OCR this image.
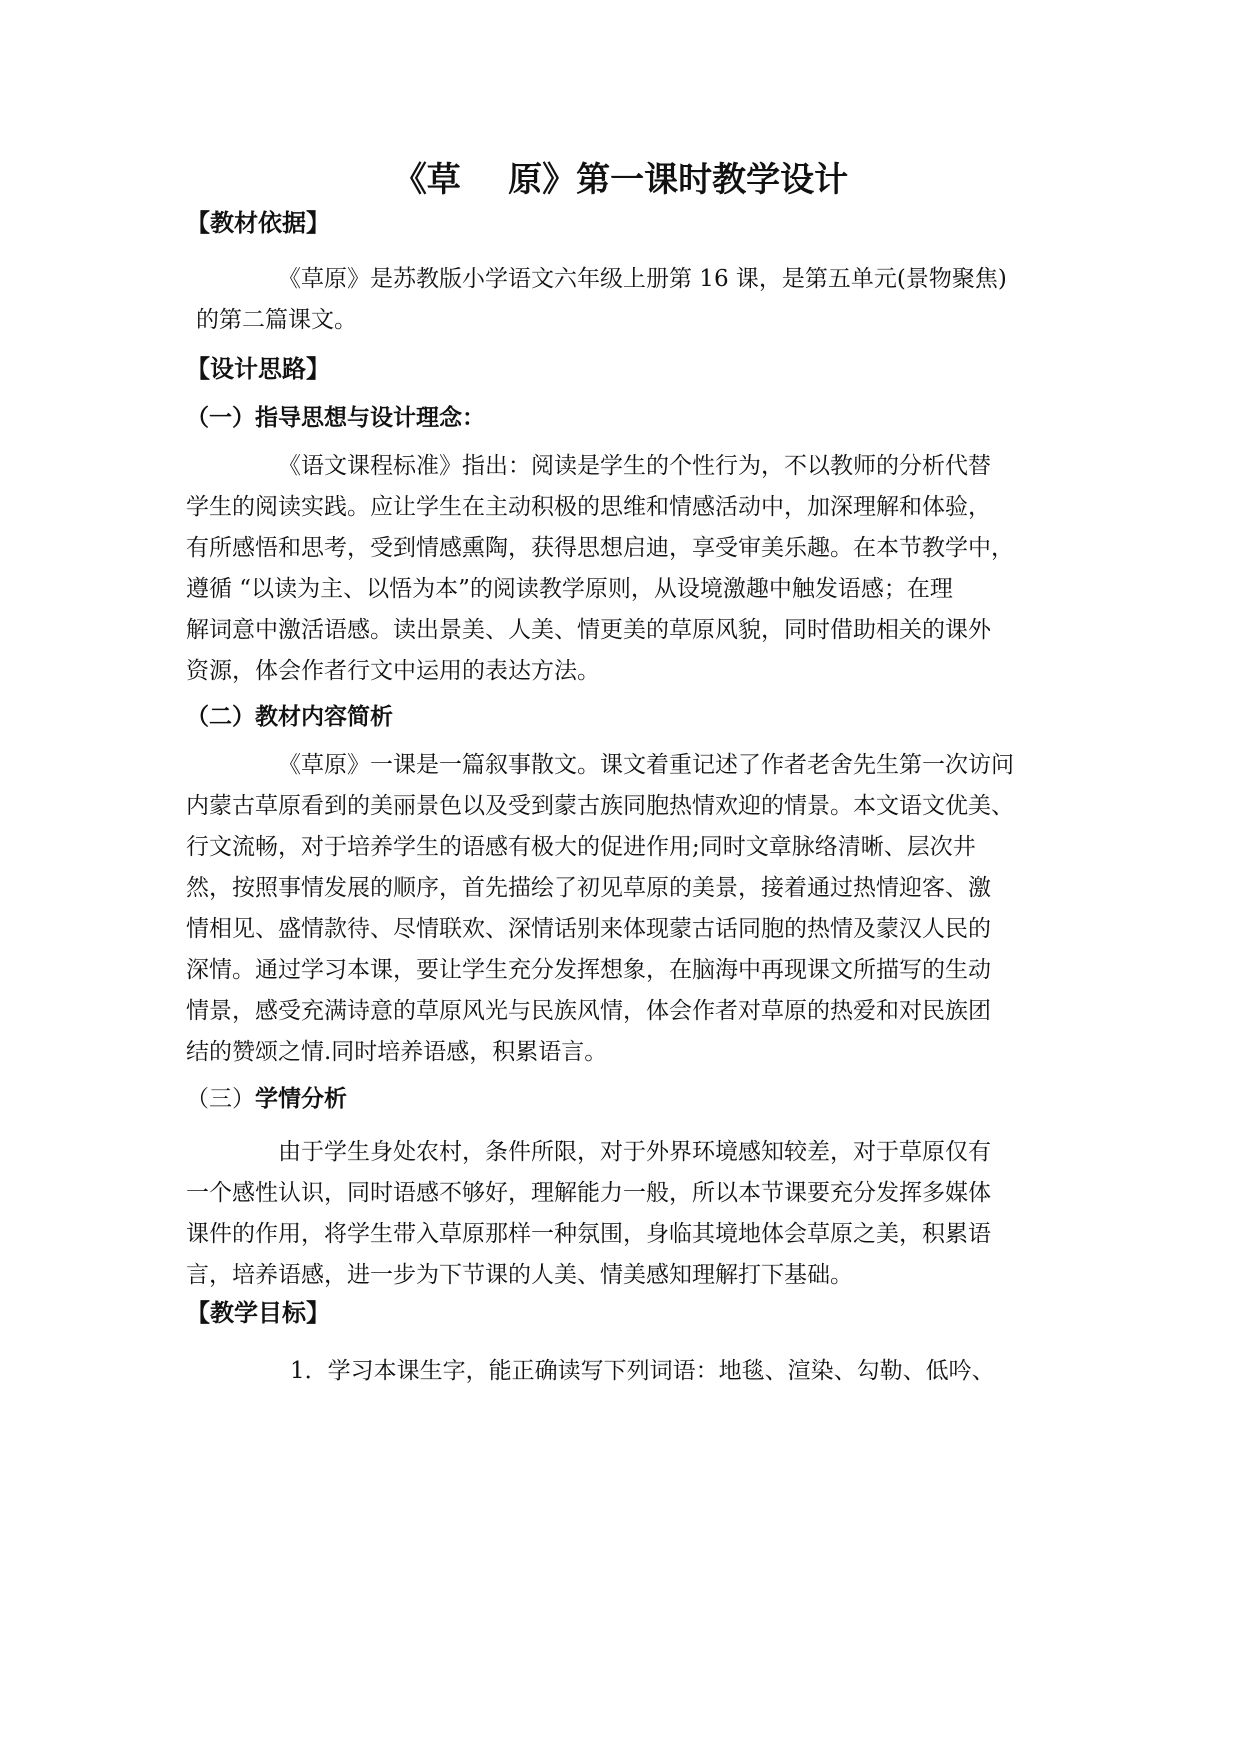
《草    原》第一课时教学设计
【教材依据】
《草原》是苏教版小学语文六年级上册第 16 课，是第五单元(景物聚焦)
的第二篇课文。
【设计思路】
（一）指导思想与设计理念：
《语文课程标准》指出：阅读是学生的个性行为，不以教师的分析代替
学生的阅读实践。应让学生在主动积极的思维和情感活动中，加深理解和体验，
有所感悟和思考，受到情感熏陶，获得思想启迪，享受审美乐趣。在本节教学中，
遵循 “以读为主、以悟为本”的阅读教学原则，从设境激趣中触发语感；在理
解词意中激活语感。读出景美、人美、情更美的草原风貌，同时借助相关的课外
资源，体会作者行文中运用的表达方法。
（二）教材内容简析
《草原》一课是一篇叙事散文。课文着重记述了作者老舍先生第一次访问
内蒙古草原看到的美丽景色以及受到蒙古族同胞热情欢迎的情景。本文语文优美、
行文流畅，对于培养学生的语感有极大的促进作用;同时文章脉络清晰、层次井
然，按照事情发展的顺序，首先描绘了初见草原的美景，接着通过热情迎客、激
情相见、盛情款待、尽情联欢、深情话别来体现蒙古话同胞的热情及蒙汉人民的
深情。通过学习本课，要让学生充分发挥想象，在脑海中再现课文所描写的生动
情景，感受充满诗意的草原风光与民族风情，体会作者对草原的热爱和对民族团
结的赞颂之情.同时培养语感，积累语言。
（三）学情分析
由于学生身处农村，条件所限，对于外界环境感知较差，对于草原仅有
一个感性认识，同时语感不够好，理解能力一般，所以本节课要充分发挥多媒体
课件的作用，将学生带入草原那样一种氛围，身临其境地体会草原之美，积累语
言，培养语感，进一步为下节课的人美、情美感知理解打下基础。
【教学目标】
1．学习本课生字，能正确读写下列词语：地毯、渲染、勾勒、低吟、
